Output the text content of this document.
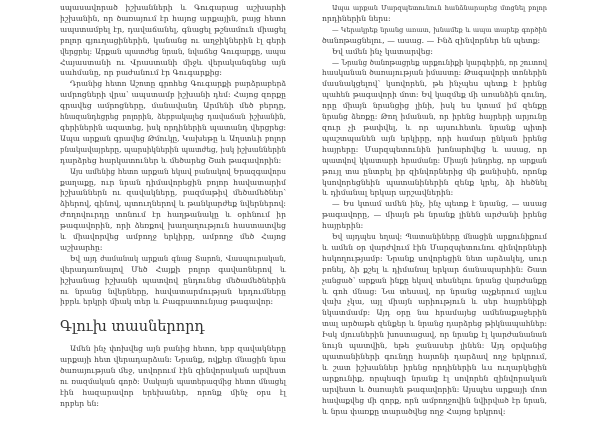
սպասավորած իշխանների և Գուգարաց աշխարհի
իշխանին, որ ծառայում էր հայոց արքային, բայց հետո
ապստամբել էր, դավաճանել, գնացել թշնամուն միացել
բոլոր գյուղացիներին, կանանց ու աղջիկներին էլ գերի
վերցրել: Արքան պատժեց նրան, նվաճեց Գուգարքը, ապա
Հայաստանի ու Վրաստանի միջև վերականգնեց այն
սահմանը, որ բաժանում էր Գուգարքից:
Դրանից հետո Աշոտը գրոհեց Գուգարքի բարձրաբերձ
ամրոցների վրա՝ ապստամբ իշխանի դեմ: Հայոց զորքը
գրավեց ամրոցները, մանավանդ Արմենի մեծ բերդը,
հնազանդեցրեց բոլորին, ձերբակալեց դավաճան իշխանին,
գերիներին ազատեց, իսկ որդիներին պատանդ վերցրեց:
Ապա արքան գրավեց Թմուկը, Կախեթը և Աղստևի բոլոր
բնակավայրերը, պարսիկներին պատժեց, իսկ իշխաններին
դարձրեց հարկատուներ և մեծարեց Շահ թագավորին:
Այս ամենից հետո արքան եկավ բանակով Երազգավորս
քաղաքը, ուր նրան դիմավորեցին բոլոր հավատարիմ
իշխաններն ու զավակները, բազմաթիվ մեծամեծներ՝
ձիերով, գինով, պտուղներով և թանկարժեք նվերներով:
Ժողովուրդը տոնում էր հաղթանակը և օրհնում իր
թագավորին, որի ձեռքով խաղաղություն հաստատվեց
և միավորվեց ամբողջ երկիրը, ամբողջ մեծ Հայոց
աշխարհը:
Եվ այդ ժամանակ արքան գնաց Տարոն, Վասպուրական,
վերադառնալով Մեծ Հայքի բոլոր գավառներով և
իշխանաց իշխանի պատվով ընդունեց մեծամեծներին
ու նրանց նվերները, հավատարմության երդումները
իբրև երկրի միակ տեր և Բագրատունյաց թագավոր:
Գլուխ տասներորդ
Ամեն ինչ փոխվեց այն բանից հետո, երբ զավակները
արքայի հետ վերադարձան: Նրանք, ովքեր մնացին նրա
ծառայության մեջ, սովորում էին զինվորական արվեստ
ու ռազմական գործ: Սակայն պատերազմից հետո մնացել
էին հազարավոր երեխաներ, որոնք մինչ օրս էլ
որբեր են:
Ապա արքան Մարզպետունուն հանձնարարեց մտցնել բոլոր
որդիներին ներս:
— Կերակրեք նրանց առատ, խնամեք և ապա տարեք գործին
ծանոթացնելու, — ասաց. — Ինձ զինվորներ են պետք:
Եվ ամեն ինչ կատարվեց:
— Նրանց ծանոթացրեք արքունիքի կարգերին, որ շուտով
հասկանան ծառայության իմաստը: Թագավորի տոներին
մասնակցելով՝ կսովորեն, թե ինչպես պետք է իրենց
պահեն թագավորի մոտ: Եվ կազմեք մի առանձին գունդ,
որը միայն նրանցից լինի, իսկ ես կտամ իմ զենքը
նրանց ձեռքը: Թող իմանան, որ իրենց հայրերի արյունը
զուր չի թափվել, և որ այսուհետև նրանք պիտի
պաշտպանեն այն երկիրը, որի համար ընկան իրենց
հայրերը: Մարզպետունին խոնարհվեց և ասաց, որ
պատվով կկատարի հրամանը: Միայն խնդրեց, որ արքան
թույլ տա ընտրել իր զինվորներից մի քանիսին, որոնք
կսովորեցնեին պատանիներին զենք կրել, ձի հեծնել
և դիմանալ երկար արշավներին:
— Ես կտամ ամեն ինչ, ինչ պետք է նրանց, — ասաց
թագավորը, — միայն թե նրանք լինեն արժանի իրենց
հայրերին:
Եվ այդպես եղավ: Պատանիները մնացին արքունիքում
և ամեն օր վարժվում էին Մարզպետունու զինվորների
հսկողությամբ: Նրանք սովորեցին նետ արձակել, սուր
բռնել, ձի քշել և դիմանալ երկար ճանապարհին: Շատ
չանցած՝ արքան ինքը եկավ տեսնելու նրանց վարժանքը
և գոհ մնաց: Նա տեսավ, որ նրանց աչքերում այլևս
վախ չկա, այլ միայն արիություն և սեր հայրենիքի
նկատմամբ: Այդ օրը նա հրամայեց ամենաքաջերին
տալ արծաթե զենքեր և նրանց դարձրեց թիկնապահներ:
Իսկ մյուսներին խոստացավ, որ նրանք էլ կարժանանան
նույն պատվին, եթե ջանասեր լինեն: Այդ օրվանից
պատանիների գունդը հայտնի դարձավ ողջ երկրում,
և շատ իշխաններ իրենց որդիներին ևս ուղարկեցին
արքունիք, որպեսզի նրանք էլ սովորեն զինվորական
արվեստ և ծառայեն թագավորին: Այսպես արքայի մոտ
հավաքվեց մի զորք, որն ամբողջովին նվիրված էր նրան,
և նրա փառքը տարածվեց ողջ Հայոց երկրով:
